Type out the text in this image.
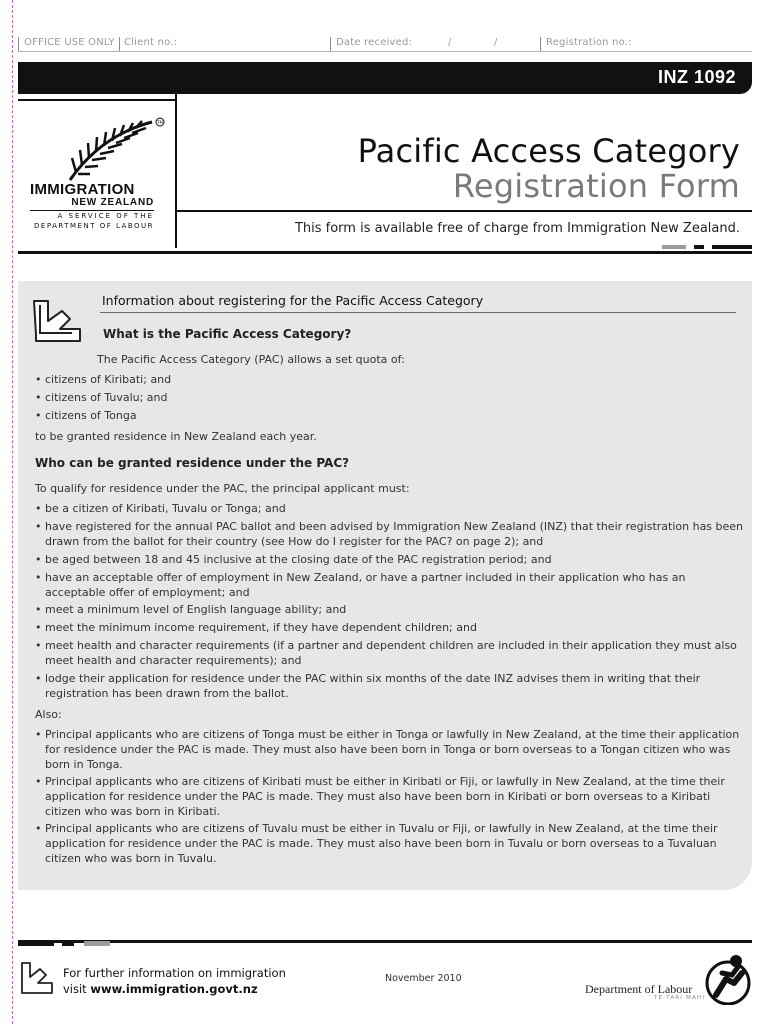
OFFICE USE ONLY Client no.:	Date received:	/	/	Registration no.:
INZ 1092
TM
IMMIGRATION
NEW ZEALAND
A SERVICE OF THE
DEPARTMENT OF LABOUR
Pacific Access Category
Registration Form
This form is available free of charge from Immigration New Zealand.
Information about registering for the Pacific Access Category
What is the Pacific Access Category?
The Pacific Access Category (PAC) allows a set quota of:
• citizens of Kiribati; and
• citizens of Tuvalu; and
• citizens of Tonga
to be granted residence in New Zealand each year.
Who can be granted residence under the PAC?
To qualify for residence under the PAC, the principal applicant must:
• be a citizen of Kiribati, Tuvalu or Tonga; and
• have registered for the annual PAC ballot and been advised by Immigration New Zealand (INZ) that their registration has been drawn from the ballot for their country (see How do I register for the PAC? on page 2); and
• be aged between 18 and 45 inclusive at the closing date of the PAC registration period; and
• have an acceptable offer of employment in New Zealand, or have a partner included in their application who has an acceptable offer of employment; and
• meet a minimum level of English language ability; and
• meet the minimum income requirement, if they have dependent children; and
• meet health and character requirements (if a partner and dependent children are included in their application they must also meet health and character requirements); and
• lodge their application for residence under the PAC within six months of the date INZ advises them in writing that their registration has been drawn from the ballot.
Also:
• Principal applicants who are citizens of Tonga must be either in Tonga or lawfully in New Zealand, at the time their application for residence under the PAC is made. They must also have been born in Tonga or born overseas to a Tongan citizen who was born in Tonga.
• Principal applicants who are citizens of Kiribati must be either in Kiribati or Fiji, or lawfully in New Zealand, at the time their application for residence under the PAC is made. They must also have been born in Kiribati or born overseas to a Kiribati citizen who was born in Kiribati.
• Principal applicants who are citizens of Tuvalu must be either in Tuvalu or Fiji, or lawfully in New Zealand, at the time their application for residence under the PAC is made. They must also have been born in Tuvalu or born overseas to a Tuvaluan citizen who was born in Tuvalu.
For further information on immigration
visit www.immigration.govt.nz
November 2010
Department of Labour
TE TARI MAHI
